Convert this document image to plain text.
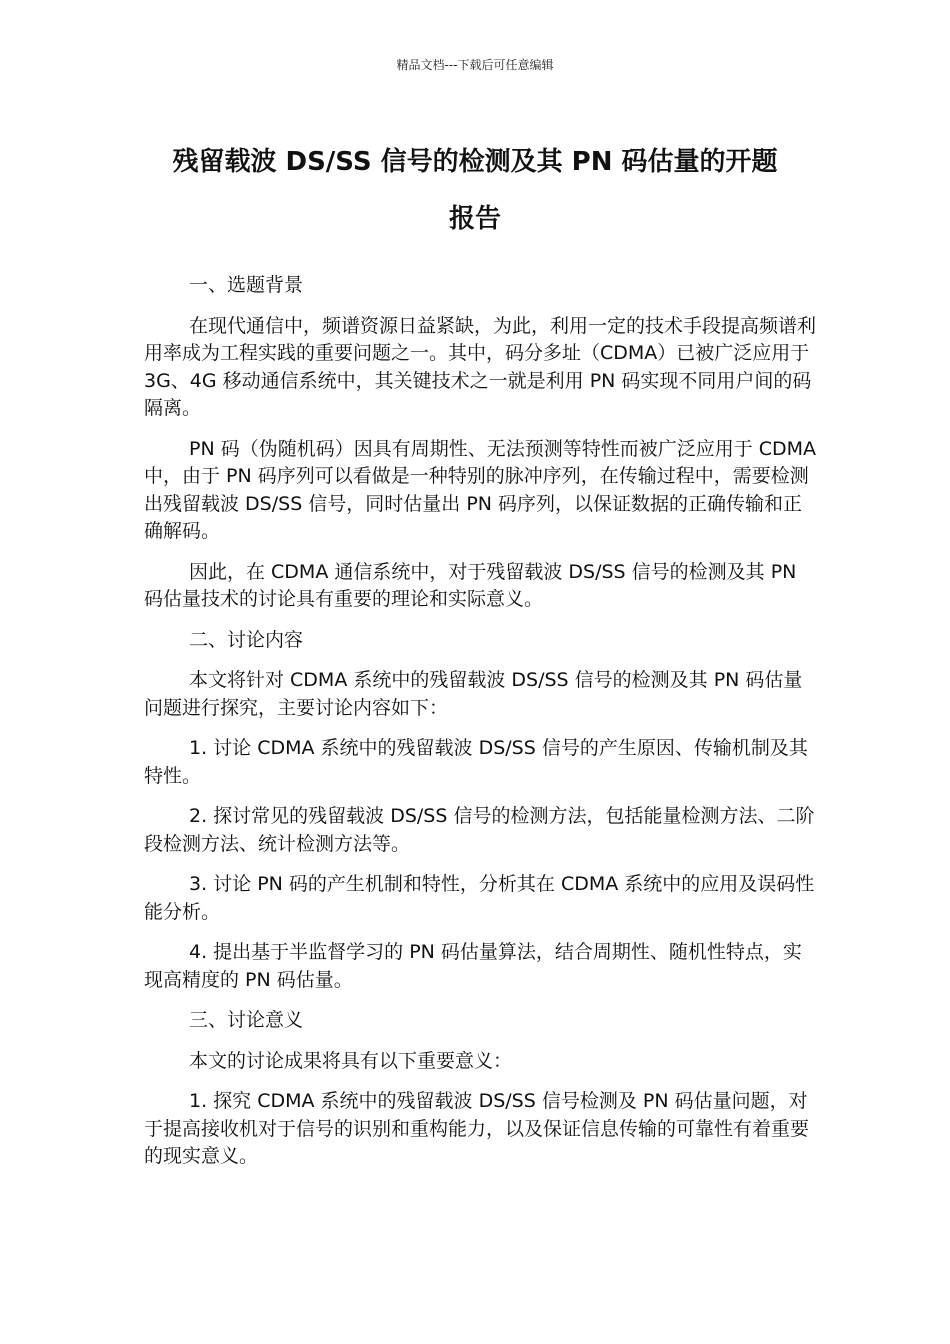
精品文档---下载后可任意编辑
残留载波 DS/SS 信号的检测及其 PN 码估量的开题
报告

一、选题背景

在现代通信中，频谱资源日益紧缺，为此，利用一定的技术手段提高频谱利用率成为工程实践的重要问题之一。其中，码分多址（CDMA）已被广泛应用于 3G、4G 移动通信系统中，其关键技术之一就是利用 PN 码实现不同用户间的码隔离。

PN 码（伪随机码）因具有周期性、无法预测等特性而被广泛应用于 CDMA 中，由于 PN 码序列可以看做是一种特别的脉冲序列，在传输过程中，需要检测出残留载波 DS/SS 信号，同时估量出 PN 码序列，以保证数据的正确传输和正确解码。

因此，在 CDMA 通信系统中，对于残留载波 DS/SS 信号的检测及其 PN 码估量技术的讨论具有重要的理论和实际意义。

二、讨论内容

本文将针对 CDMA 系统中的残留载波 DS/SS 信号的检测及其 PN 码估量问题进行探究，主要讨论内容如下：

1. 讨论 CDMA 系统中的残留载波 DS/SS 信号的产生原因、传输机制及其特性。

2. 探讨常见的残留载波 DS/SS 信号的检测方法，包括能量检测方法、二阶段检测方法、统计检测方法等。

3. 讨论 PN 码的产生机制和特性，分析其在 CDMA 系统中的应用及误码性能分析。

4. 提出基于半监督学习的 PN 码估量算法，结合周期性、随机性特点，实现高精度的 PN 码估量。

三、讨论意义

本文的讨论成果将具有以下重要意义：

1. 探究 CDMA 系统中的残留载波 DS/SS 信号检测及 PN 码估量问题，对于提高接收机对于信号的识别和重构能力，以及保证信息传输的可靠性有着重要的现实意义。
